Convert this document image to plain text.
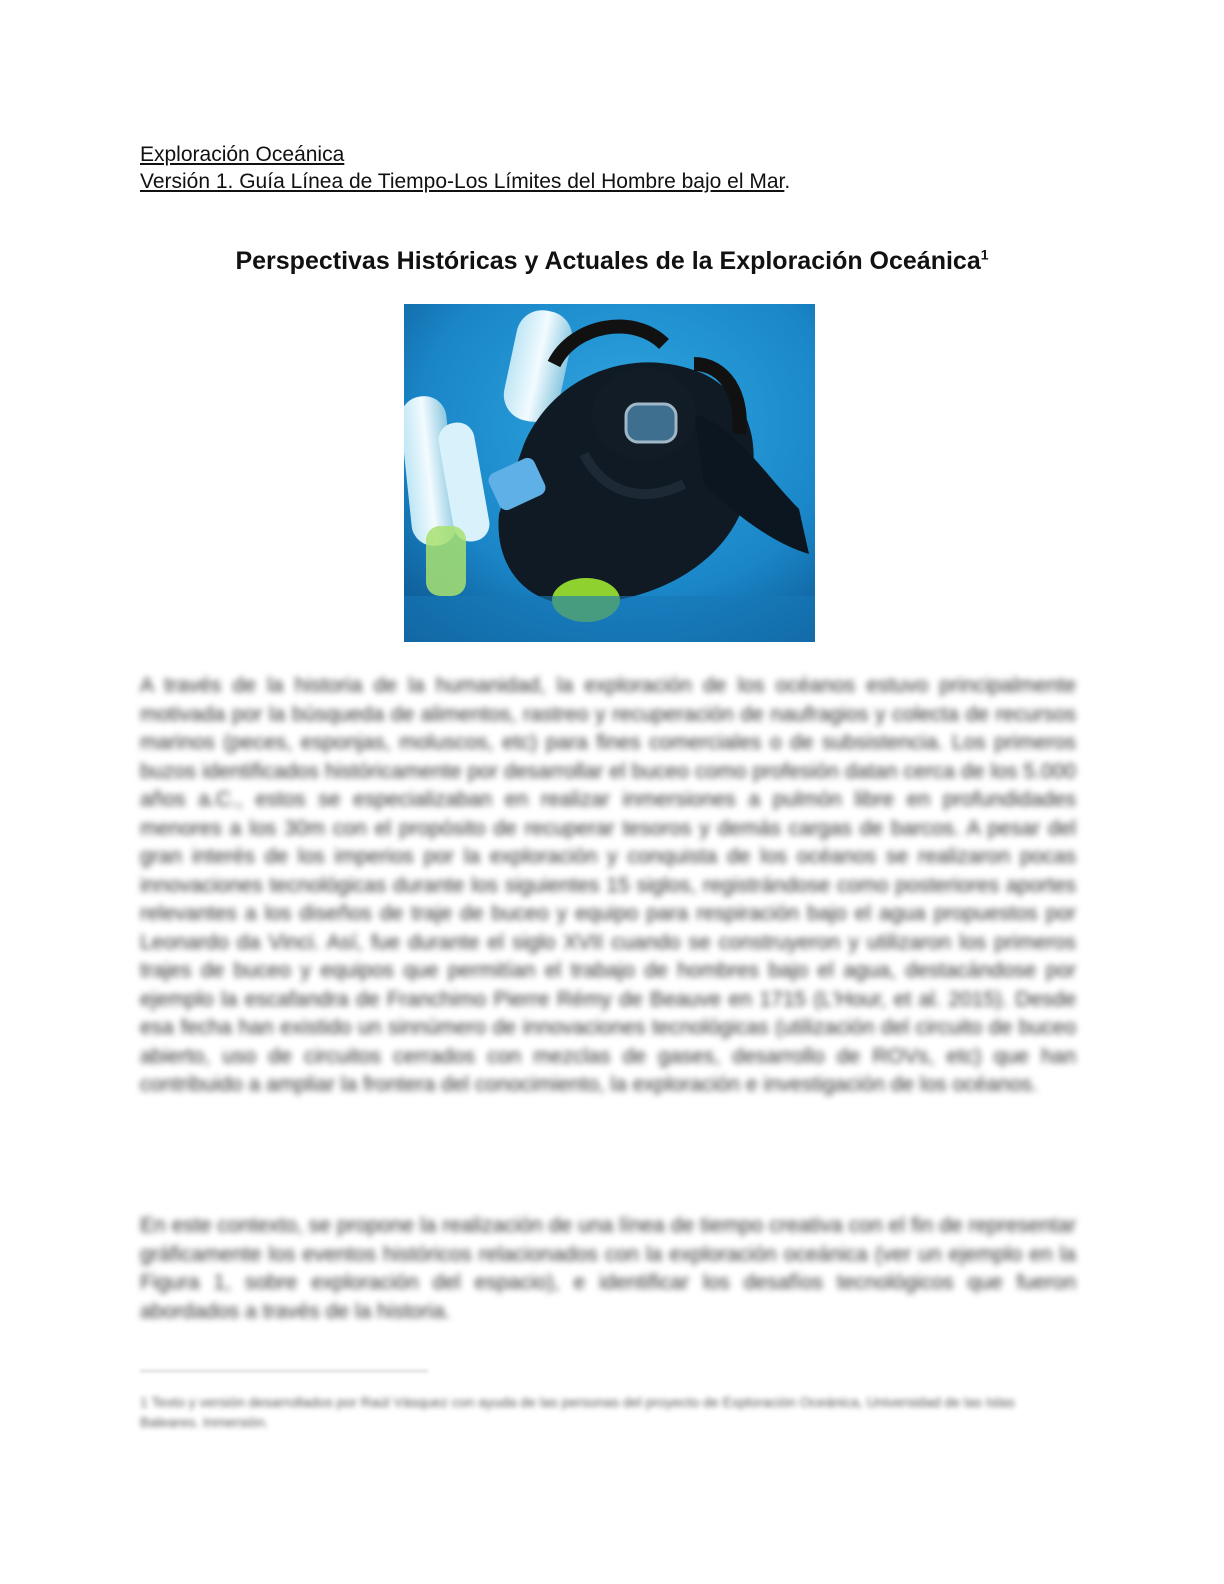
Exploración Oceánica
Versión 1. Guía Línea de Tiempo-Los Límites del Hombre bajo el Mar.
Perspectivas Históricas y Actuales de la Exploración Oceánica$^1$
A través de la historia de la humanidad, la exploración de los océanos estuvo principalmente motivada por la búsqueda de alimentos, rastreo y recuperación de naufragios y colecta de recursos marinos (peces, esponjas, moluscos, etc) para fines comerciales o de subsistencia. Los primeros buzos identificados históricamente por desarrollar el buceo como profesión datan cerca de los 5.000 años a.C., estos se especializaban en realizar inmersiones a pulmón libre en profundidades menores a los 30m con el propósito de recuperar tesoros y demás cargas de barcos. A pesar del gran interés de los imperios por la exploración y conquista de los océanos se realizaron pocas innovaciones tecnológicas durante los siguientes 15 siglos, registrándose como posteriores aportes relevantes a los diseños de traje de buceo y equipo para respiración bajo el agua propuestos por Leonardo da Vinci. Así, fue durante el siglo XVII cuando se construyeron y utilizaron los primeros trajes de buceo y equipos que permitían el trabajo de hombres bajo el agua, destacándose por ejemplo la escafandra de Franchimo Pierre Rémy de Beauve en 1715 (L'Hour, et al. 2015). Desde esa fecha han existido un sinnúmero de innovaciones tecnológicas (utilización del circuito de buceo abierto, uso de circuitos cerrados con mezclas de gases, desarrollo de ROVs, etc) que han contribuido a ampliar la frontera del conocimiento, la exploración e investigación de los océanos.
En este contexto, se propone la realización de una línea de tiempo creativa con el fin de representar gráficamente los eventos históricos relacionados con la exploración oceánica (ver un ejemplo en la Figura 1, sobre exploración del espacio), e identificar los desafíos tecnológicos que fueron abordados a través de la historia.
1 Texto y versión desarrollados por Raúl Vásquez con ayuda de las personas del proyecto de Exploración Oceánica, Universidad de las Islas Baleares. Inmersión.
